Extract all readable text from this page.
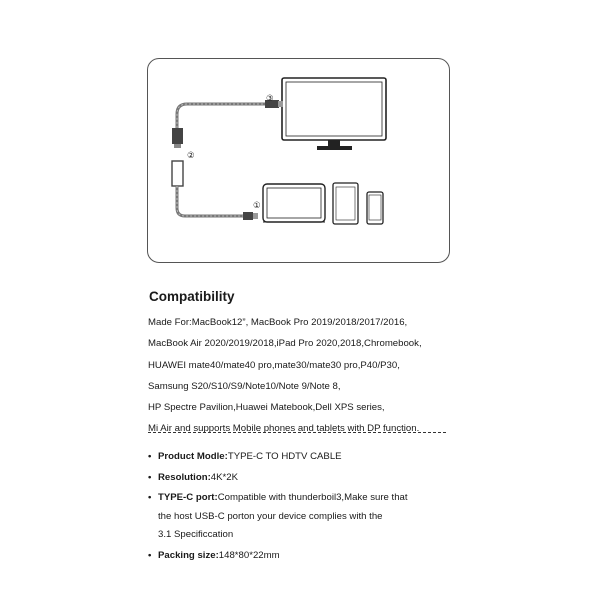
③
②
①
Compatibility
Made For:MacBook12”, MacBook Pro 2019/2018/2017/2016,
MacBook Air 2020/2019/2018,iPad Pro 2020,2018,Chromebook,
HUAWEI mate40/mate40 pro,mate30/mate30 pro,P40/P30,
Samsung S20/S10/S9/Note10/Note 9/Note 8,
HP Spectre Pavilion,Huawei Matebook,Dell XPS series,
Mi Air and supports Mobile phones and tablets with DP function.
• Product Modle:TYPE-C TO HDTV CABLE
• Resolution:4K*2K
• TYPE-C port:Compatible with thunderboil3,Make sure that
the host USB-C porton your device complies with the
3.1 Specificcation
• Packing size:148*80*22mm
